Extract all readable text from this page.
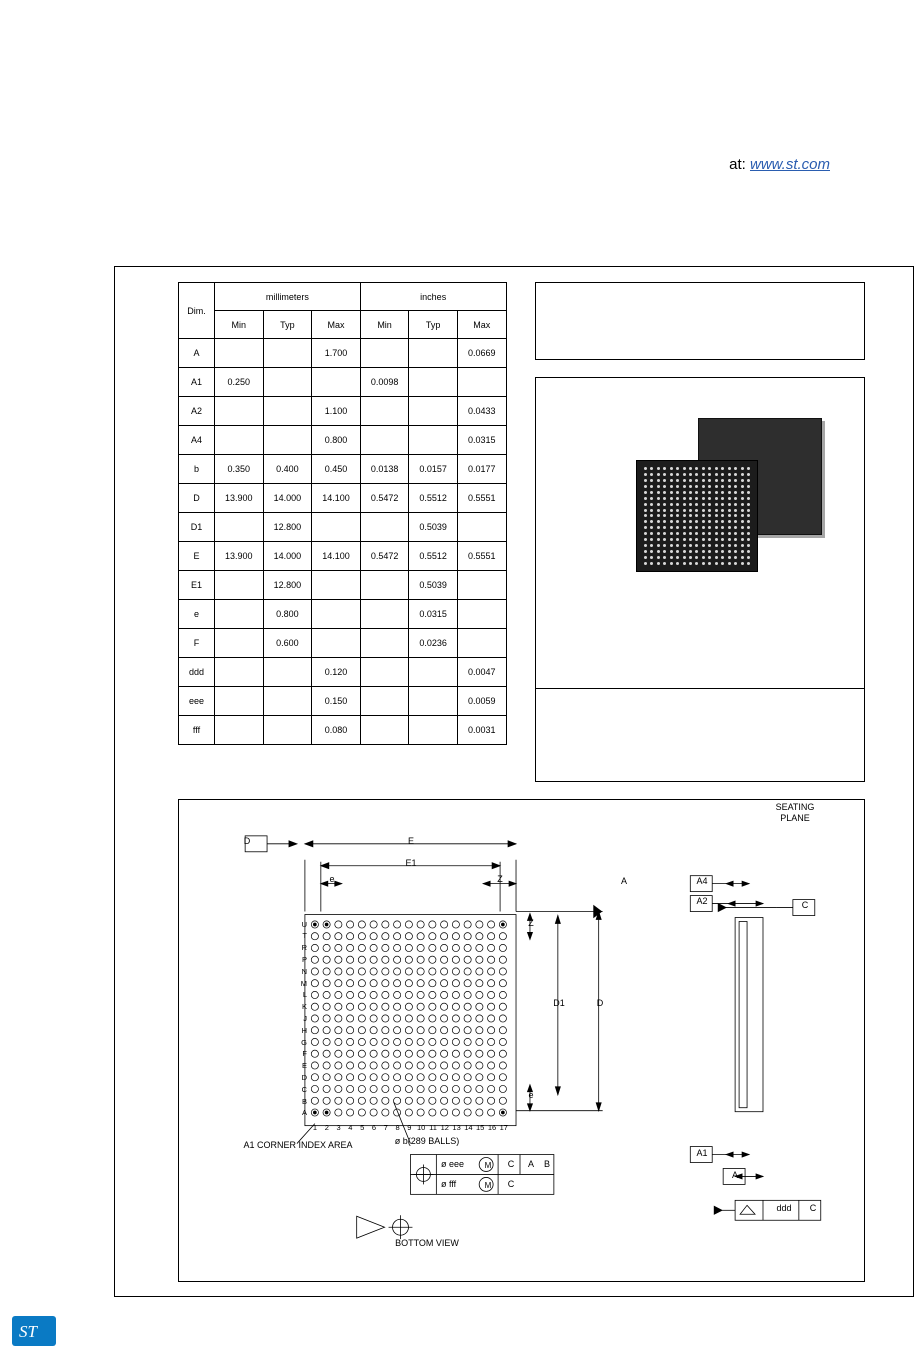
at: www.st.com
Dim.	millimeters			inches		
	Min	Typ	Max	Min	Typ	Max
A			1.700			0.0669
A1	0.250			0.0098		
A2			1.100			0.0433
A4			0.800			0.0315
b	0.350	0.400	0.450	0.0138	0.0157	0.0177
D	13.900	14.000	14.100	0.5472	0.5512	0.5551
D1		12.800			0.5039	
E	13.900	14.000	14.100	0.5472	0.5512	0.5551
E1		12.800			0.5039	
e		0.800			0.0315	
F		0.600			0.0236	
ddd			0.120			0.0047
eee			0.150			0.0059
fff			0.080			0.0031
SEATING
PLANE
BOTTOM VIEW
A1 CORNER INDEX AREA	ø b(289 BALLS)
E
E1
e	Z
D1	D
Z
e
D
A	A4
A2
A1
A
C
ddd	C
ø eee
ø fff
C	A	B
C
M
M
U
T
R
P
N
M
L
K
J
H
G
F
E
D
C
B
A
1	2	3	4	5	6	7	8	9 10 11 12 13 14 15 16 17
ST
